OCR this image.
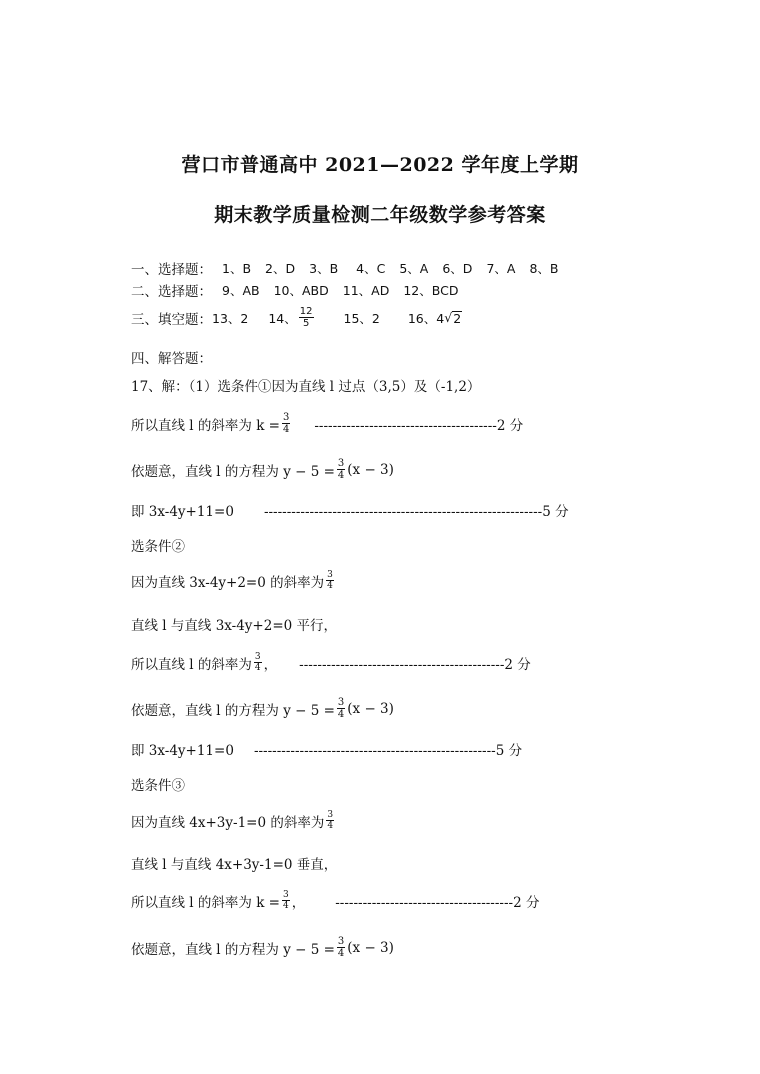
营口市普通高中 2021—2022 学年度上学期
期末教学质量检测二年级数学参考答案
一、选择题： 1、B 2、D 3、B 4、C 5、A 6、D 7、A 8、B
二、选择题： 9、AB 10、ABD 11、AD 12、BCD
三、填空题： 13、2 14、 $\frac{12}{5} 15$、2 16、4 √ 2
四、解答题：
17、解：（1）选条件①因为直线 l 过点（3,5）及（-1,2）
所以直线 l 的斜率为 $k = \frac{3}{4} ----------------------------------------2$ 分
依题意，直线 l 的方程为 $y - 5 = \frac{3}{4} (x - 3)$
即 3x-4y+11=0 -------------------------------------------------------------5 分
选条件②
因为直线 3x-4y+2=0 的斜率为 $\frac{3}{4}$
直线 l 与直线 3x-4y+2=0 平行，
所以直线 l 的斜率为 $\frac{3}{4}$ ， ---------------------------------------------2 分
依题意，直线 l 的方程为 $y - 5 = \frac{3}{4} (x - 3)$
即 3x-4y+11=0 -----------------------------------------------------5 分
选条件③
因为直线 4x+3y-1=0 的斜率为 $\frac{3}{4}$
直线 l 与直线 4x+3y-1=0 垂直，
所以直线 l 的斜率为 $k = \frac{3}{4}$ ， ---------------------------------------2 分
依题意，直线 l 的方程为 $y - 5 = \frac{3}{4} (x - 3)$
